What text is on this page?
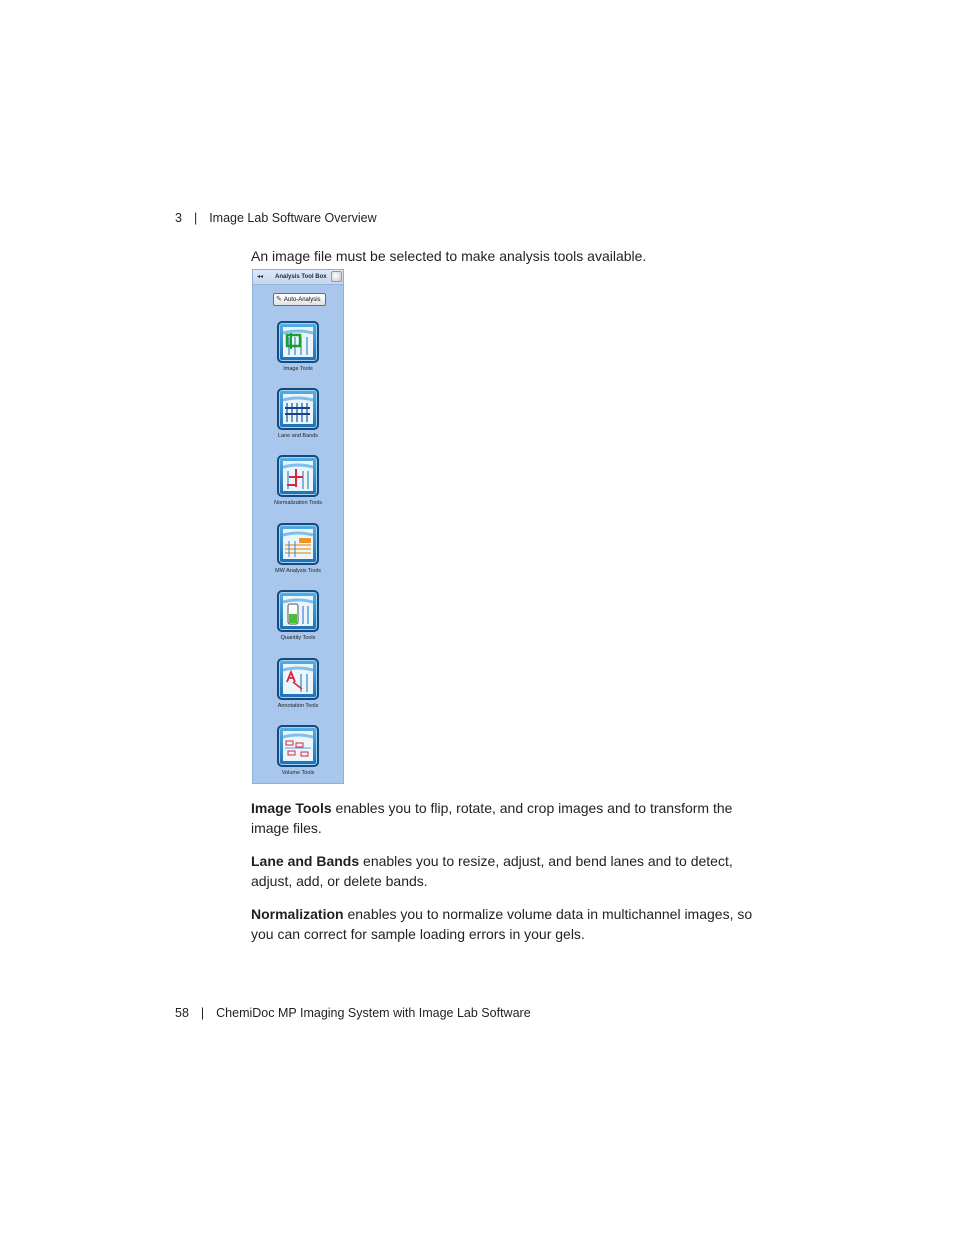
3 | Image Lab Software Overview
An image file must be selected to make analysis tools available.
◂◂ Analysis Tool Box
✎ Auto-Analysis
Image Tools
Lane and Bands
Normalization Tools
MW Analysis Tools
Quantity Tools
Annotation Tools
Volume Tools
Image Tools enables you to flip, rotate, and crop images and to transform the image files.
Lane and Bands enables you to resize, adjust, and bend lanes and to detect, adjust, add, or delete bands.
Normalization enables you to normalize volume data in multichannel images, so you can correct for sample loading errors in your gels.
58 | ChemiDoc MP Imaging System with Image Lab Software
